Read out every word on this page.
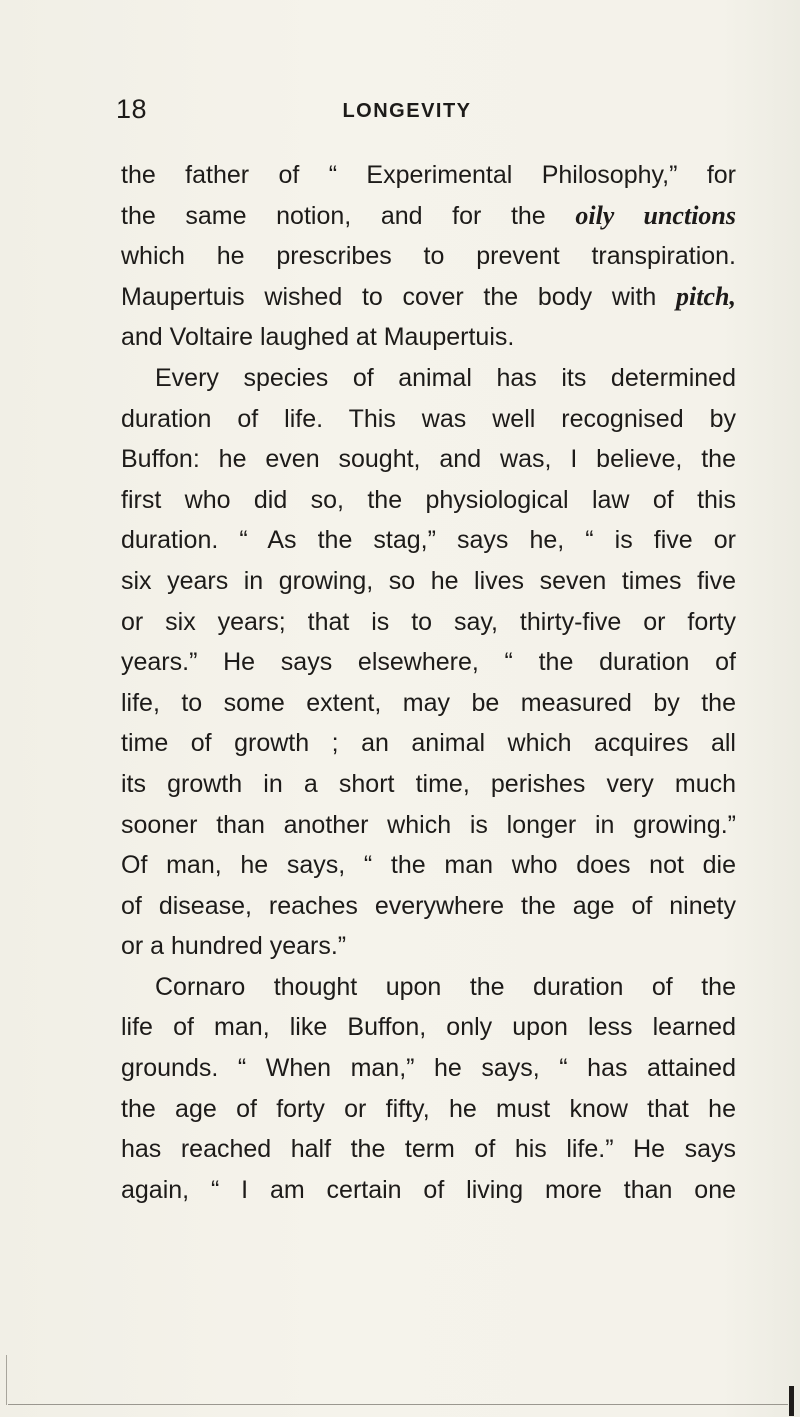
18	LONGEVITY
the father of “ Experimental Philosophy,” for
the same notion, and for the oily unctions
which he prescribes to prevent transpiration.
Maupertuis wished to cover the body with pitch,
and Voltaire laughed at Maupertuis.
Every species of animal has its determined
duration of life. This was well recognised by
Buffon: he even sought, and was, I believe, the
first who did so, the physiological law of this
duration. “ As the stag,” says he, “ is five or
six years in growing, so he lives seven times five
or six years; that is to say, thirty-five or forty
years.” He says elsewhere, “ the duration of
life, to some extent, may be measured by the
time of growth ; an animal which acquires all
its growth in a short time, perishes very much
sooner than another which is longer in growing.”
Of man, he says, “ the man who does not die
of disease, reaches everywhere the age of ninety
or a hundred years.”
Cornaro thought upon the duration of the
life of man, like Buffon, only upon less learned
grounds. “ When man,” he says, “ has attained
the age of forty or fifty, he must know that he
has reached half the term of his life.” He says
again, “ I am certain of living more than one
